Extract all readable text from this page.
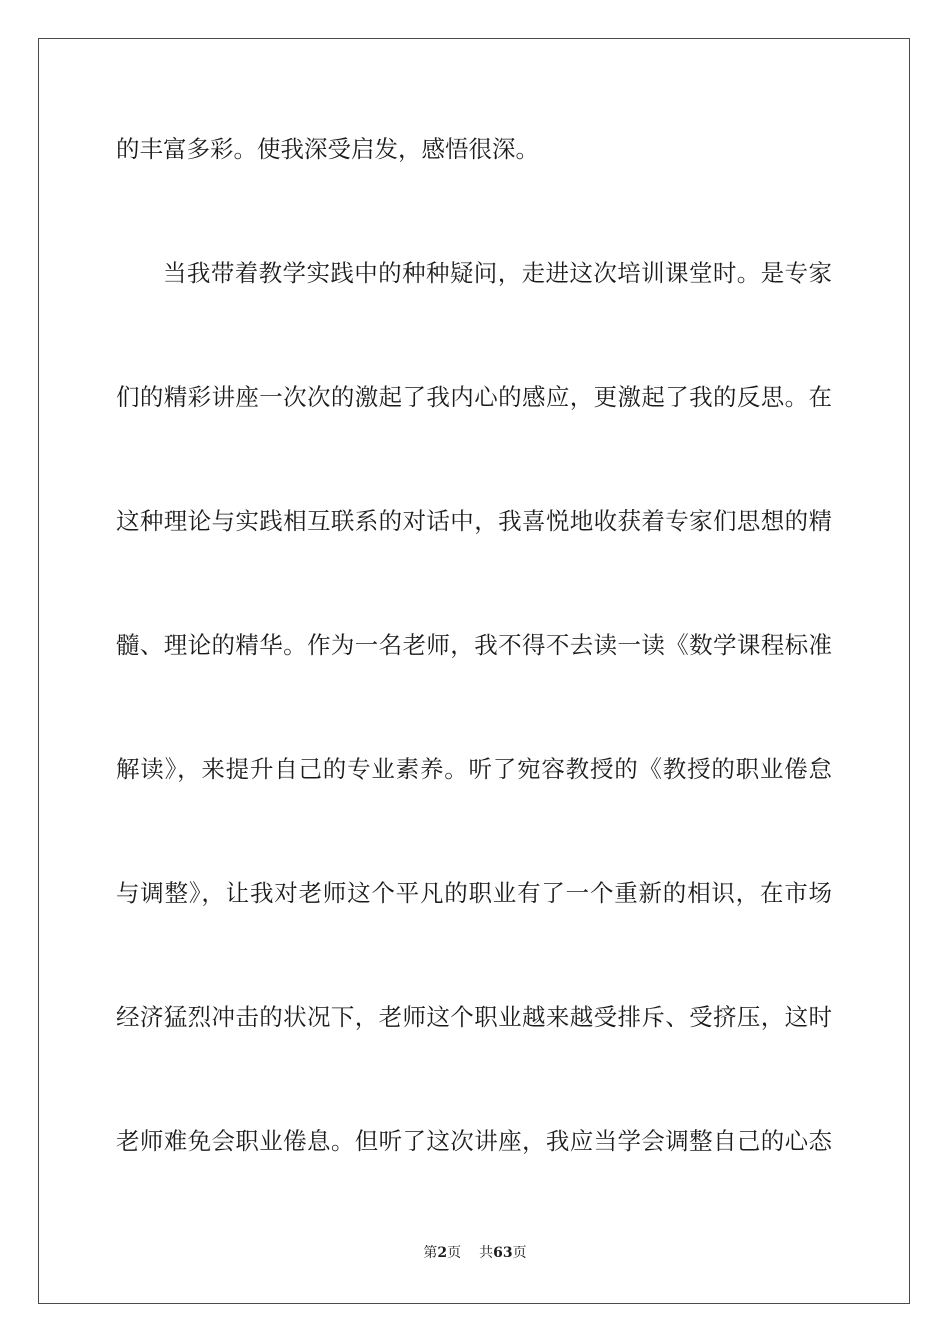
的丰富多彩。使我深受启发，感悟很深。
当我带着教学实践中的种种疑问，走进这次培训课堂时。是专家
们的精彩讲座一次次的激起了我内心的感应，更激起了我的反思。在
这种理论与实践相互联系的对话中，我喜悦地收获着专家们思想的精
髓、理论的精华。作为一名老师，我不得不去读一读《数学课程标准
解读》，来提升自己的专业素养。听了宛容教授的《教授的职业倦怠
与调整》，让我对老师这个平凡的职业有了一个重新的相识，在市场
经济猛烈冲击的状况下，老师这个职业越来越受排斥、受挤压，这时
老师难免会职业倦息。但听了这次讲座，我应当学会调整自己的心态
第2页 共63页
